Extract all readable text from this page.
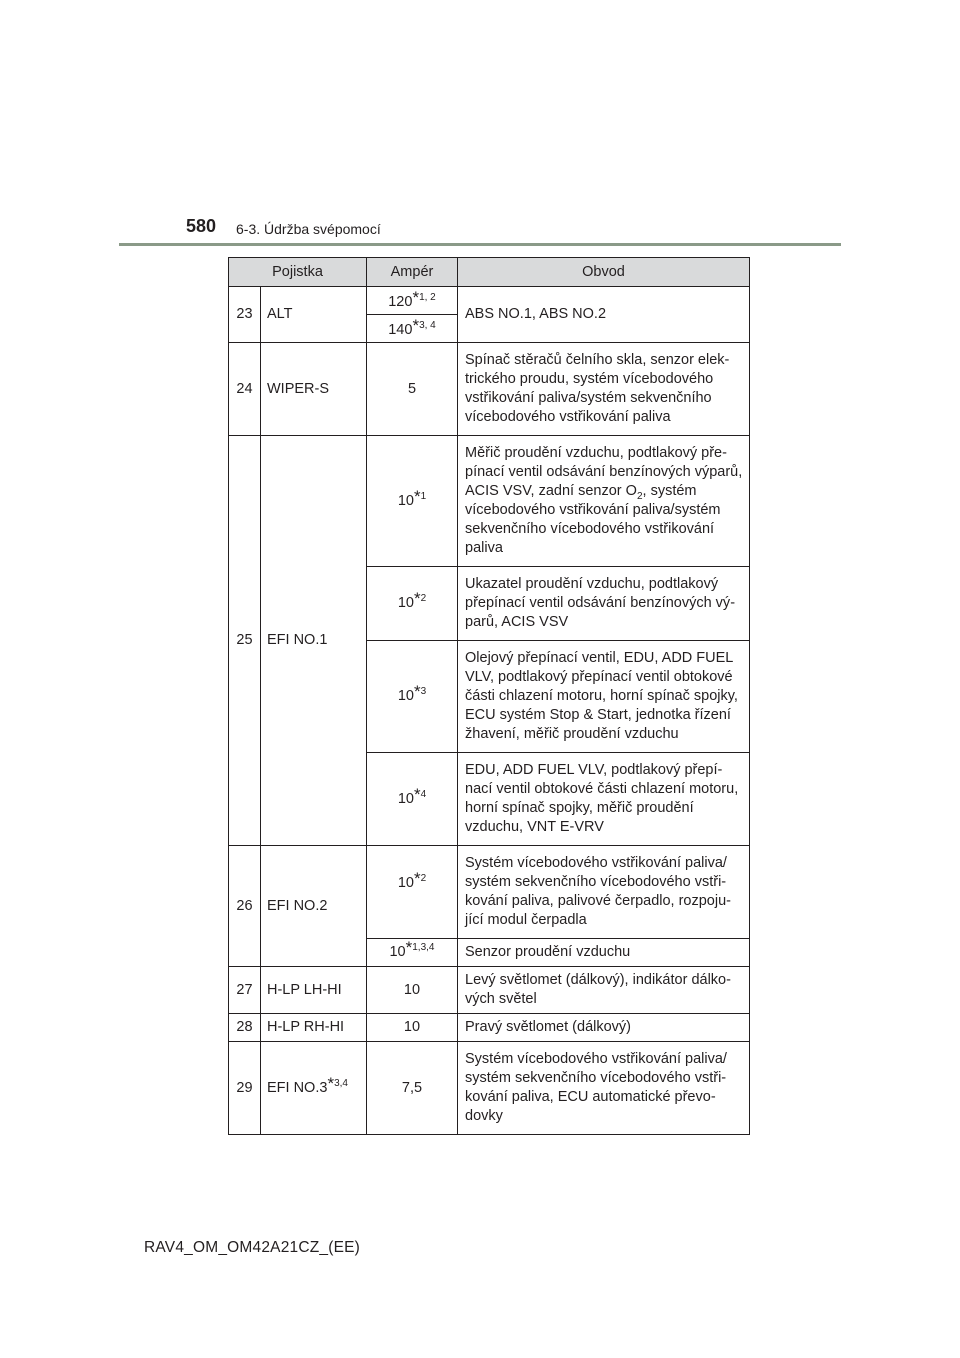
580 6-3. Údržba svépomocí
Pojistka		Ampér	Obvod
23	ALT	120$^{*1, 2}$	ABS NO.1, ABS NO.2
		140$^{*3, 4}$
24	WIPER-S	5	Spínač stěračů čelního skla, senzor elektrického proudu, systém vícebodového vstřikování paliva/systém sekvenčního vícebodového vstřikování paliva
25	EFI NO.1	10$^{*1}$	Měřič proudění vzduchu, podtlakový přepínací ventil odsávání benzínových výparů, ACIS VSV, zadní senzor $O_2$, systém vícebodového vstřikování paliva/systém sekvenčního vícebodového vstřikování paliva
		10$^{*2}$	Ukazatel proudění vzduchu, podtlakový přepínací ventil odsávání benzínových výparů, ACIS VSV
		10$^{*3}$	Olejový přepínací ventil, EDU, ADD FUEL VLV, podtlakový přepínací ventil obtokové části chlazení motoru, horní spínač spojky, ECU systém Stop & Start, jednotka řízení žhavení, měřič proudění vzduchu
		10$^{*4}$	EDU, ADD FUEL VLV, podtlakový přepínací ventil obtokové části chlazení motoru, horní spínač spojky, měřič proudění vzduchu, VNT E-VRV
26	EFI NO.2	10$^{*2}$	Systém vícebodového vstřikování paliva/ systém sekvenčního vícebodového vstřikování paliva, palivové čerpadlo, rozpojující modul čerpadla
		10$^{*1,3,4}$	Senzor proudění vzduchu
27	H-LP LH-HI	10	Levý světlomet (dálkový), indikátor dálkových světel
28	H-LP RH-HI	10	Pravý světlomet (dálkový)
29	EFI NO.3$^{*3,4}$	7,5	Systém vícebodového vstřikování paliva/ systém sekvenčního vícebodového vstřikování paliva, ECU automatické převodovky
RAV4_OM_OM42A21CZ_(EE)
